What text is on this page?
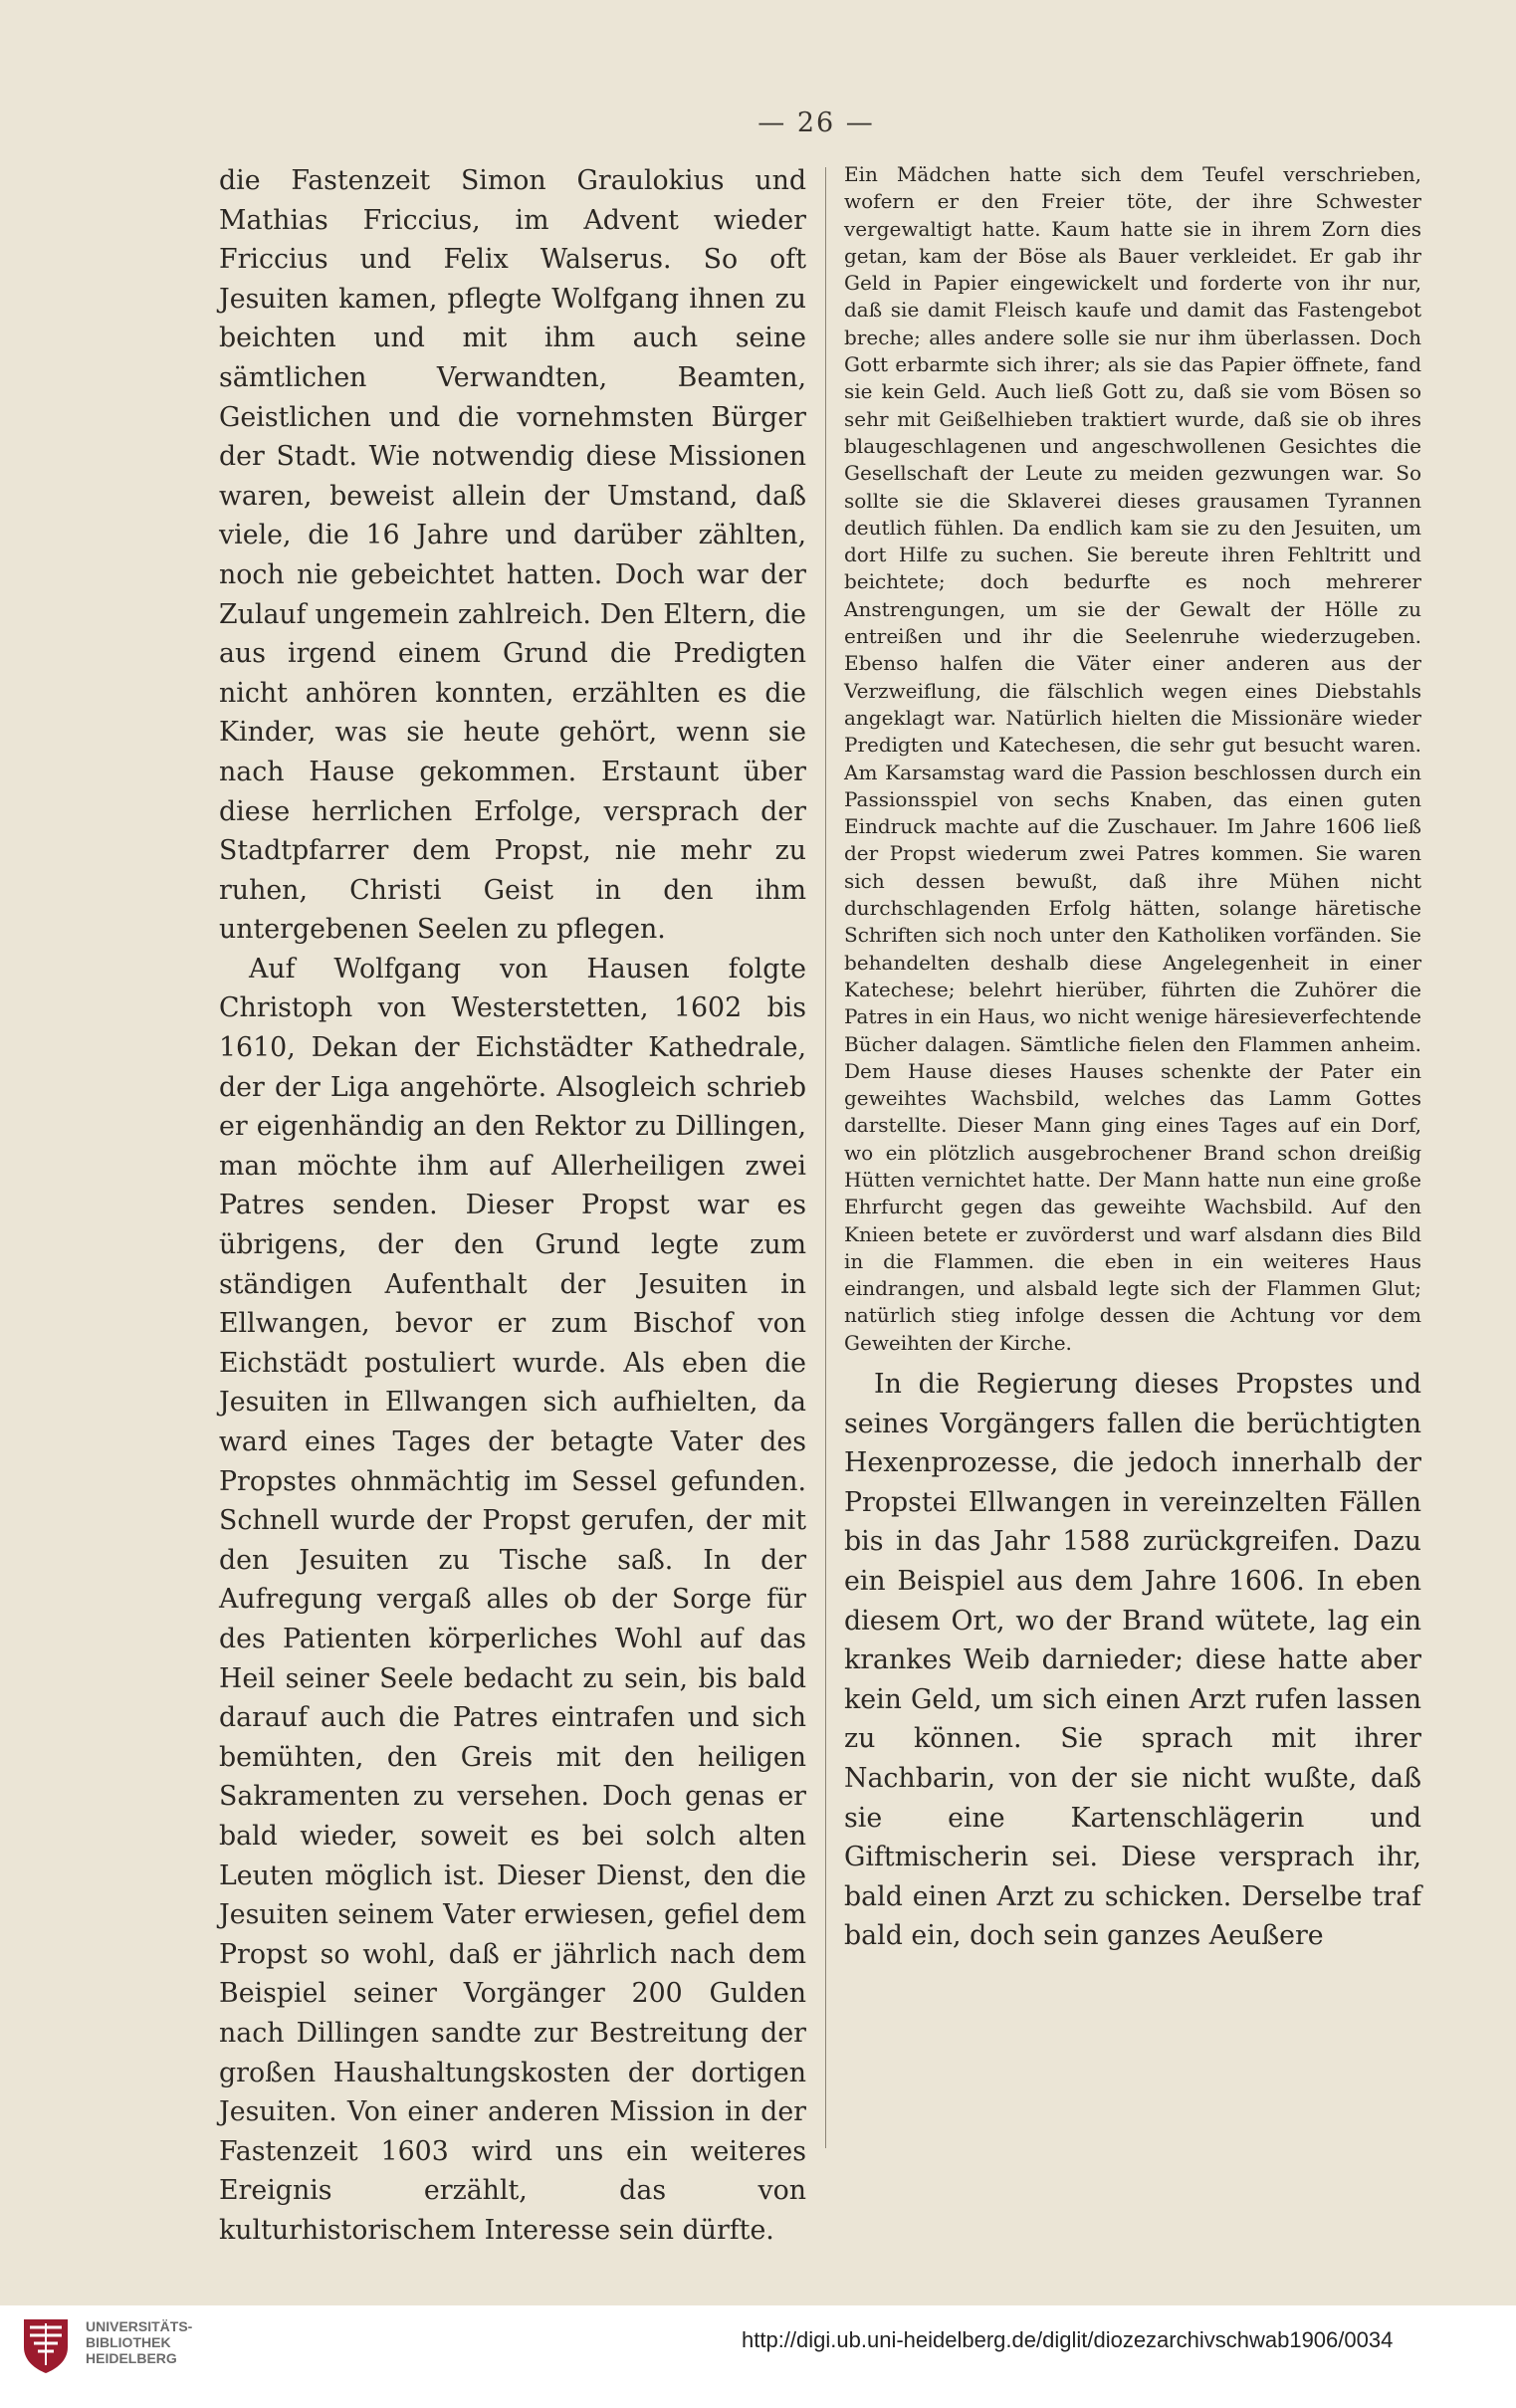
— 26 —

die Fastenzeit Simon Graulokius und Mathias Friccius, im Advent wieder Friccius und Felix Walserus. So oft Jesuiten kamen, pflegte Wolfgang ihnen zu beichten und mit ihm auch seine sämtlichen Verwandten, Beamten, Geistlichen und die vornehmsten Bürger der Stadt. Wie notwendig diese Missionen waren, beweist allein der Umstand, daß viele, die 16 Jahre und darüber zählten, noch nie gebeichtet hatten. Doch war der Zulauf ungemein zahlreich. Den Eltern, die aus irgend einem Grund die Predigten nicht anhören konnten, erzählten es die Kinder, was sie heute gehört, wenn sie nach Hause gekommen. Erstaunt über diese herrlichen Erfolge, versprach der Stadtpfarrer dem Propst, nie mehr zu ruhen, Christi Geist in den ihm untergebenen Seelen zu pflegen.

Auf Wolfgang von Hausen folgte Christoph von Westerstetten, 1602 bis 1610, Dekan der Eichstädter Kathedrale, der der Liga angehörte. Alsogleich schrieb er eigenhändig an den Rektor zu Dillingen, man möchte ihm auf Allerheiligen zwei Patres senden. Dieser Propst war es übrigens, der den Grund legte zum ständigen Aufenthalt der Jesuiten in Ellwangen, bevor er zum Bischof von Eichstädt postuliert wurde. Als eben die Jesuiten in Ellwangen sich aufhielten, da ward eines Tages der betagte Vater des Propstes ohnmächtig im Sessel gefunden. Schnell wurde der Propst gerufen, der mit den Jesuiten zu Tische saß. In der Aufregung vergaß alles ob der Sorge für des Patienten körperliches Wohl auf das Heil seiner Seele bedacht zu sein, bis bald darauf auch die Patres eintrafen und sich bemühten, den Greis mit den heiligen Sakramenten zu versehen. Doch genas er bald wieder, soweit es bei solch alten Leuten möglich ist. Dieser Dienst, den die Jesuiten seinem Vater erwiesen, gefiel dem Propst so wohl, daß er jährlich nach dem Beispiel seiner Vorgänger 200 Gulden nach Dillingen sandte zur Bestreitung der großen Haushaltungskosten der dortigen Jesuiten. Von einer anderen Mission in der Fastenzeit 1603 wird uns ein weiteres Ereignis erzählt, das von kulturhistorischem Interesse sein dürfte.

Ein Mädchen hatte sich dem Teufel verschrieben, wofern er den Freier töte, der ihre Schwester vergewaltigt hatte. Kaum hatte sie in ihrem Zorn dies getan, kam der Böse als Bauer verkleidet. Er gab ihr Geld in Papier eingewickelt und forderte von ihr nur, daß sie damit Fleisch kaufe und damit das Fastengebot breche; alles andere solle sie nur ihm überlassen. Doch Gott erbarmte sich ihrer; als sie das Papier öffnete, fand sie kein Geld. Auch ließ Gott zu, daß sie vom Bösen so sehr mit Geißelhieben traktiert wurde, daß sie ob ihres blaugeschlagenen und angeschwollenen Gesichtes die Gesellschaft der Leute zu meiden gezwungen war. So sollte sie die Sklaverei dieses grausamen Tyrannen deutlich fühlen. Da endlich kam sie zu den Jesuiten, um dort Hilfe zu suchen. Sie bereute ihren Fehltritt und beichtete; doch bedurfte es noch mehrerer Anstrengungen, um sie der Gewalt der Hölle zu entreißen und ihr die Seelenruhe wiederzugeben. Ebenso halfen die Väter einer anderen aus der Verzweiflung, die fälschlich wegen eines Diebstahls angeklagt war. Natürlich hielten die Missionäre wieder Predigten und Katechesen, die sehr gut besucht waren. Am Karsamstag ward die Passion beschlossen durch ein Passionsspiel von sechs Knaben, das einen guten Eindruck machte auf die Zuschauer. Im Jahre 1606 ließ der Propst wiederum zwei Patres kommen. Sie waren sich dessen bewußt, daß ihre Mühen nicht durchschlagenden Erfolg hätten, solange häretische Schriften sich noch unter den Katholiken vorfänden. Sie behandelten deshalb diese Angelegenheit in einer Katechese; belehrt hierüber, führten die Zuhörer die Patres in ein Haus, wo nicht wenige häresieverfechtende Bücher dalagen. Sämtliche fielen den Flammen anheim. Dem Hause dieses Hauses schenkte der Pater ein geweihtes Wachsbild, welches das Lamm Gottes darstellte. Dieser Mann ging eines Tages auf ein Dorf, wo ein plötzlich ausgebrochener Brand schon dreißig Hütten vernichtet hatte. Der Mann hatte nun eine große Ehrfurcht gegen das geweihte Wachsbild. Auf den Knieen betete er zuvörderst und warf alsdann dies Bild in die Flammen. die eben in ein weiteres Haus eindrangen, und alsbald legte sich der Flammen Glut; natürlich stieg infolge dessen die Achtung vor dem Geweihten der Kirche.

In die Regierung dieses Propstes und seines Vorgängers fallen die berüchtigten Hexenprozesse, die jedoch innerhalb der Propstei Ellwangen in vereinzelten Fällen bis in das Jahr 1588 zurückgreifen. Dazu ein Beispiel aus dem Jahre 1606. In eben diesem Ort, wo der Brand wütete, lag ein krankes Weib darnieder; diese hatte aber kein Geld, um sich einen Arzt rufen lassen zu können. Sie sprach mit ihrer Nachbarin, von der sie nicht wußte, daß sie eine Kartenschlägerin und Giftmischerin sei. Diese versprach ihr, bald einen Arzt zu schicken. Derselbe traf bald ein, doch sein ganzes Aeußere

UNIVERSITÄTS-
BIBLIOTHEK
HEIDELBERG
http://digi.ub.uni-heidelberg.de/diglit/diozezarchivschwab1906/0034
